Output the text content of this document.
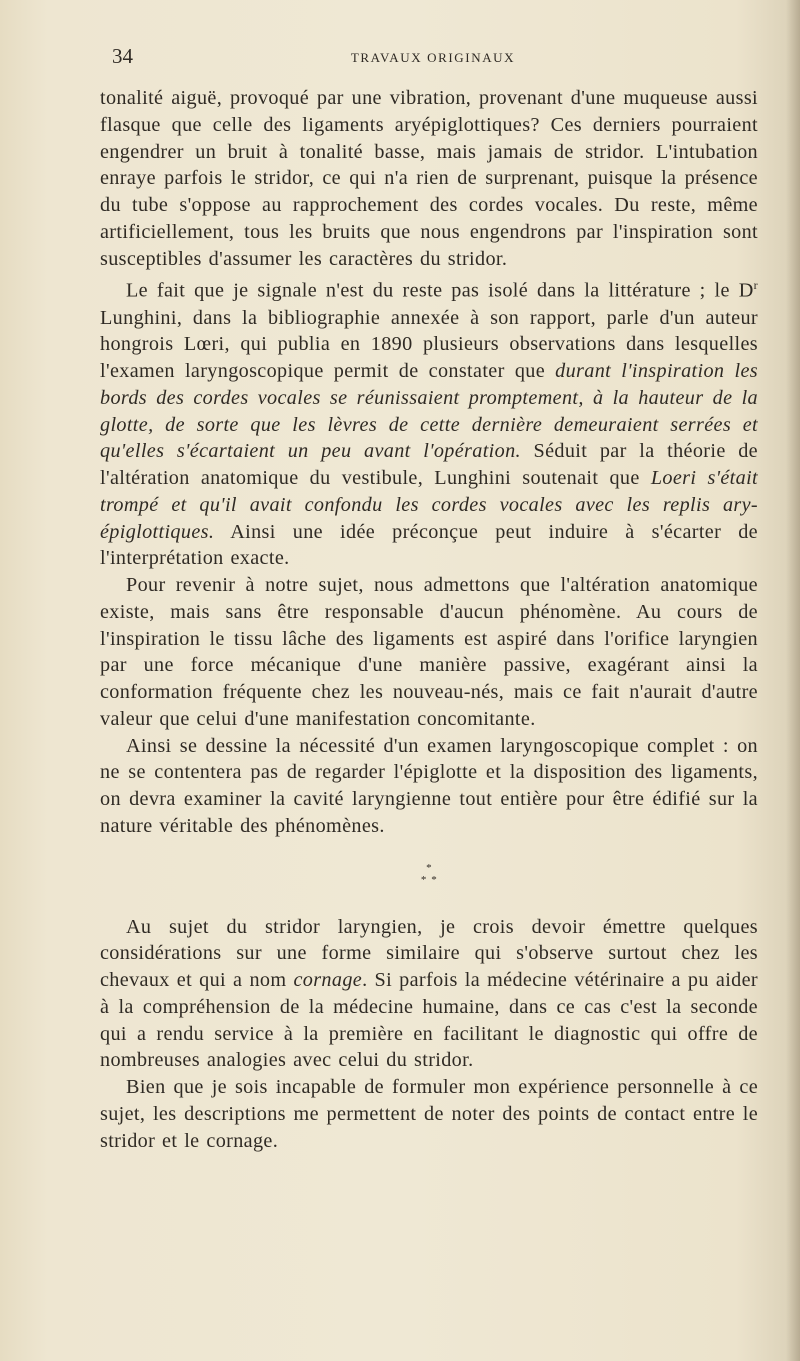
34	TRAVAUX ORIGINAUX

tonalité aiguë, provoqué par une vibration, provenant d'une muqueuse aussi flasque que celle des ligaments aryépiglottiques? Ces derniers pourraient engendrer un bruit à tonalité basse, mais jamais de stridor. L'intubation enraye parfois le stridor, ce qui n'a rien de surprenant, puisque la présence du tube s'oppose au rapprochement des cordes vocales. Du reste, même artificiellement, tous les bruits que nous engendrons par l'inspiration sont susceptibles d'assumer les caractères du stridor.

Le fait que je signale n'est du reste pas isolé dans la littérature ; le $D^r$ Lunghini, dans la bibliographie annexée à son rapport, parle d'un auteur hongrois Lœri, qui publia en 1890 plusieurs observations dans lesquelles l'examen laryngoscopique permit de constater que durant l'inspiration les bords des cordes vocales se réunissaient promptement, à la hauteur de la glotte, de sorte que les lèvres de cette dernière demeuraient serrées et qu'elles s'écartaient un peu avant l'opération. Séduit par la théorie de l'altération anatomique du vestibule, Lunghini soutenait que Loeri s'était trompé et qu'il avait confondu les cordes vocales avec les replis ary-épiglottiques. Ainsi une idée préconçue peut induire à s'écarter de l'interprétation exacte.

Pour revenir à notre sujet, nous admettons que l'altération anatomique existe, mais sans être responsable d'aucun phénomène. Au cours de l'inspiration le tissu lâche des ligaments est aspiré dans l'orifice laryngien par une force mécanique d'une manière passive, exagérant ainsi la conformation fréquente chez les nouveau-nés, mais ce fait n'aurait d'autre valeur que celui d'une manifestation concomitante.

Ainsi se dessine la nécessité d'un examen laryngoscopique complet : on ne se contentera pas de regarder l'épiglotte et la disposition des ligaments, on devra examiner la cavité laryngienne tout entière pour être édifié sur la nature véritable des phénomènes.

*
* *

Au sujet du stridor laryngien, je crois devoir émettre quelques considérations sur une forme similaire qui s'observe surtout chez les chevaux et qui a nom cornage. Si parfois la médecine vétérinaire a pu aider à la compréhension de la médecine humaine, dans ce cas c'est la seconde qui a rendu service à la première en facilitant le diagnostic qui offre de nombreuses analogies avec celui du stridor.

Bien que je sois incapable de formuler mon expérience personnelle à ce sujet, les descriptions me permettent de noter des points de contact entre le stridor et le cornage.
